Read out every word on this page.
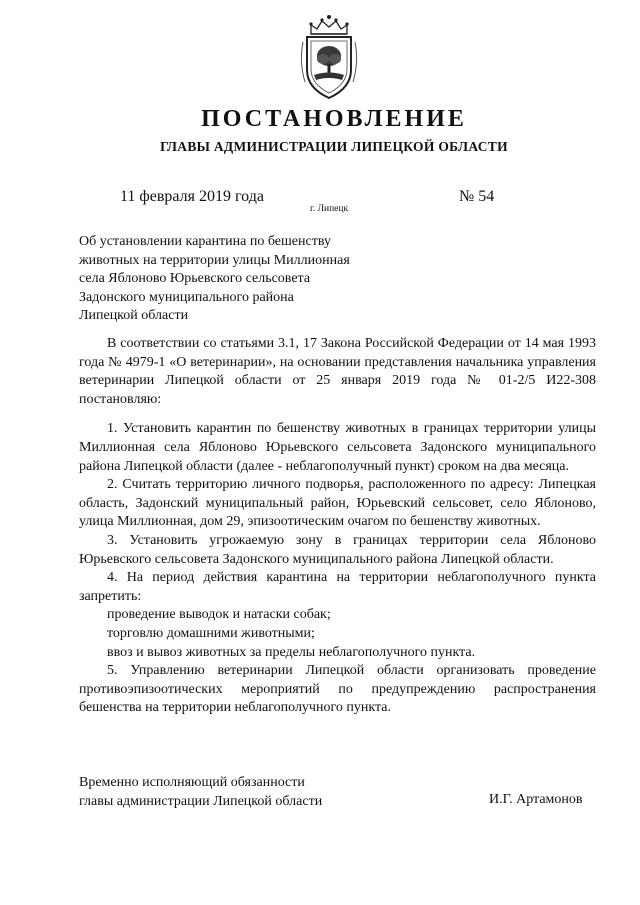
ПОСТАНОВЛЕНИЕ
ГЛАВЫ АДМИНИСТРАЦИИ ЛИПЕЦКОЙ ОБЛАСТИ
11 февраля 2019 года
г. Липецк
№ 54
Об установлении карантина по бешенству
животных на территории улицы Миллионная
села Яблоново Юрьевского сельсовета
Задонского муниципального района
Липецкой области

В соответствии со статьями 3.1, 17 Закона Российской Федерации от 14 мая 1993 года № 4979-1 «О ветеринарии», на основании представления начальника управления ветеринарии Липецкой области от 25 января 2019 года № 01-2/5 И22-308 постановляю:

1. Установить карантин по бешенству животных в границах территории улицы Миллионная села Яблоново Юрьевского сельсовета Задонского муниципального района Липецкой области (далее - неблагополучный пункт) сроком на два месяца.

2. Считать территорию личного подворья, расположенного по адресу: Липецкая область, Задонский муниципальный район, Юрьевский сельсовет, село Яблоново, улица Миллионная, дом 29, эпизоотическим очагом по бешенству животных.

3. Установить угрожаемую зону в границах территории села Яблоново Юрьевского сельсовета Задонского муниципального района Липецкой области.

4. На период действия карантина на территории неблагополучного пункта запретить:

проведение выводок и натаски собак;

торговлю домашними животными;

ввоз и вывоз животных за пределы неблагополучного пункта.

5. Управлению ветеринарии Липецкой области организовать проведение противоэпизоотических мероприятий по предупреждению распространения бешенства на территории неблагополучного пункта.

Временно исполняющий обязанности
главы администрации Липецкой области	И.Г. Артамонов
